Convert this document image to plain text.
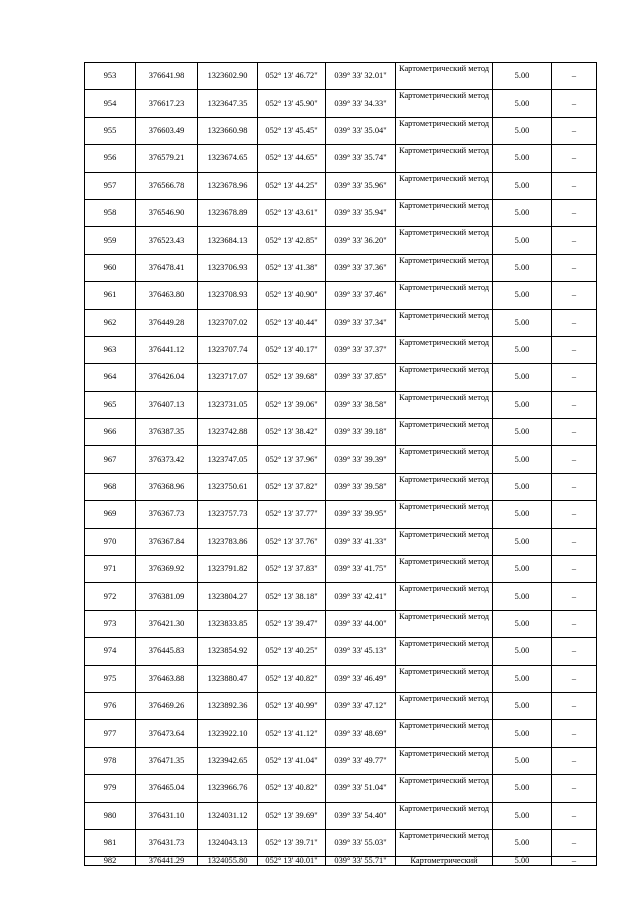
953	376641.98	1323602.90	052° 13' 46.72"	039° 33' 32.01"	Картометрический метод	5.00	–
954	376617.23	1323647.35	052° 13' 45.90"	039° 33' 34.33"	Картометрический метод	5.00	–
955	376603.49	1323660.98	052° 13' 45.45"	039° 33' 35.04"	Картометрический метод	5.00	–
956	376579.21	1323674.65	052° 13' 44.65"	039° 33' 35.74"	Картометрический метод	5.00	–
957	376566.78	1323678.96	052° 13' 44.25"	039° 33' 35.96"	Картометрический метод	5.00	–
958	376546.90	1323678.89	052° 13' 43.61"	039° 33' 35.94"	Картометрический метод	5.00	–
959	376523.43	1323684.13	052° 13' 42.85"	039° 33' 36.20"	Картометрический метод	5.00	–
960	376478.41	1323706.93	052° 13' 41.38"	039° 33' 37.36"	Картометрический метод	5.00	–
961	376463.80	1323708.93	052° 13' 40.90"	039° 33' 37.46"	Картометрический метод	5.00	–
962	376449.28	1323707.02	052° 13' 40.44"	039° 33' 37.34"	Картометрический метод	5.00	–
963	376441.12	1323707.74	052° 13' 40.17"	039° 33' 37.37"	Картометрический метод	5.00	–
964	376426.04	1323717.07	052° 13' 39.68"	039° 33' 37.85"	Картометрический метод	5.00	–
965	376407.13	1323731.05	052° 13' 39.06"	039° 33' 38.58"	Картометрический метод	5.00	–
966	376387.35	1323742.88	052° 13' 38.42"	039° 33' 39.18"	Картометрический метод	5.00	–
967	376373.42	1323747.05	052° 13' 37.96"	039° 33' 39.39"	Картометрический метод	5.00	–
968	376368.96	1323750.61	052° 13' 37.82"	039° 33' 39.58"	Картометрический метод	5.00	–
969	376367.73	1323757.73	052° 13' 37.77"	039° 33' 39.95"	Картометрический метод	5.00	–
970	376367.84	1323783.86	052° 13' 37.76"	039° 33' 41.33"	Картометрический метод	5.00	–
971	376369.92	1323791.82	052° 13' 37.83"	039° 33' 41.75"	Картометрический метод	5.00	–
972	376381.09	1323804.27	052° 13' 38.18"	039° 33' 42.41"	Картометрический метод	5.00	–
973	376421.30	1323833.85	052° 13' 39.47"	039° 33' 44.00"	Картометрический метод	5.00	–
974	376445.83	1323854.92	052° 13' 40.25"	039° 33' 45.13"	Картометрический метод	5.00	–
975	376463.88	1323880.47	052° 13' 40.82"	039° 33' 46.49"	Картометрический метод	5.00	–
976	376469.26	1323892.36	052° 13' 40.99"	039° 33' 47.12"	Картометрический метод	5.00	–
977	376473.64	1323922.10	052° 13' 41.12"	039° 33' 48.69"	Картометрический метод	5.00	–
978	376471.35	1323942.65	052° 13' 41.04"	039° 33' 49.77"	Картометрический метод	5.00	–
979	376465.04	1323966.76	052° 13' 40.82"	039° 33' 51.04"	Картометрический метод	5.00	–
980	376431.10	1324031.12	052° 13' 39.69"	039° 33' 54.40"	Картометрический метод	5.00	–
981	376431.73	1324043.13	052° 13' 39.71"	039° 33' 55.03"	Картометрический метод	5.00	–
982	376441.29	1324055.80	052° 13' 40.01"	039° 33' 55.71"	Картометрический	5.00	–
